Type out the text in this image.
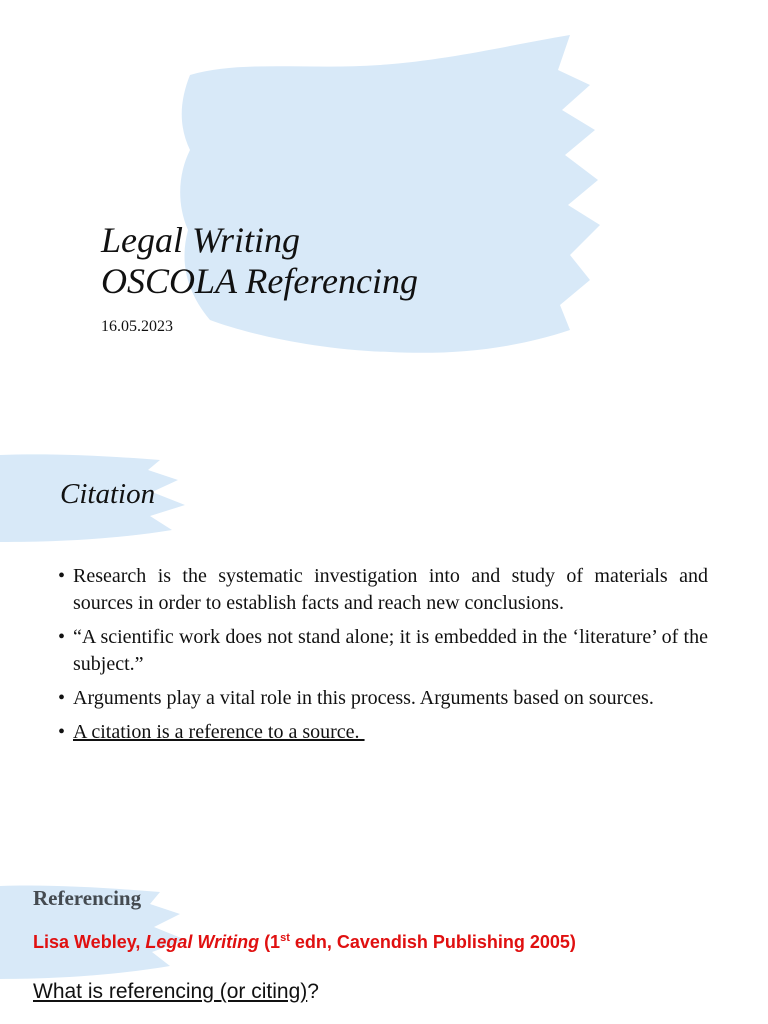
Legal Writing
OSCOLA Referencing
16.05.2023
Citation
• Research is the systematic investigation into and study of materials and sources in order to establish facts and reach new conclusions.
• “A scientific work does not stand alone; it is embedded in the ‘literature’ of the subject.”
• Arguments play a vital role in this process. Arguments based on sources.
• A citation is a reference to a source.
Referencing
Lisa Webley, Legal Writing (1st edn, Cavendish Publishing 2005)
What is referencing (or citing)?
